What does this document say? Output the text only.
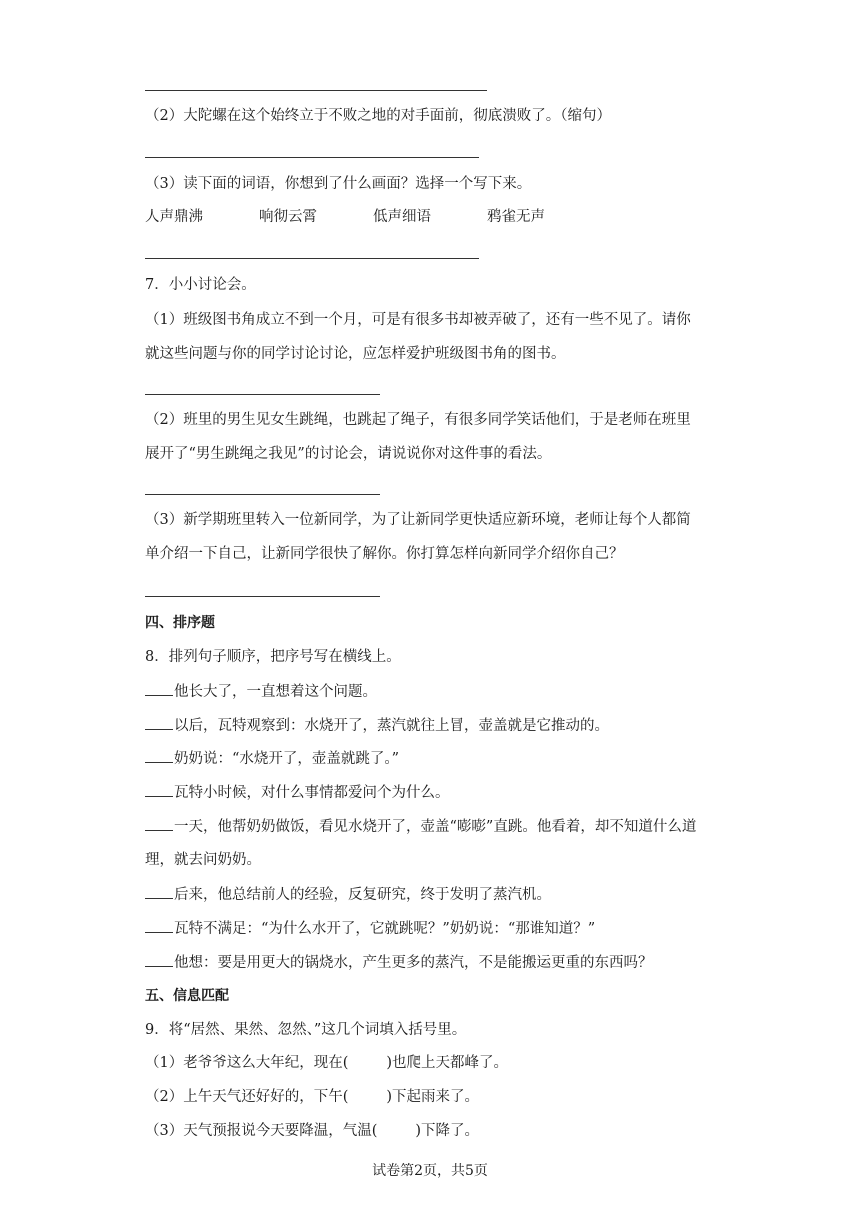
（2）大陀螺在这个始终立于不败之地的对手面前，彻底溃败了。（缩句）
（3）读下面的词语，你想到了什么画面？选择一个写下来。
人声鼎沸	响彻云霄	低声细语	鸦雀无声
7．小小讨论会。
（1）班级图书角成立不到一个月，可是有很多书却被弄破了，还有一些不见了。请你
就这些问题与你的同学讨论讨论，应怎样爱护班级图书角的图书。
（2）班里的男生见女生跳绳，也跳起了绳子，有很多同学笑话他们，于是老师在班里
展开了“男生跳绳之我见”的讨论会，请说说你对这件事的看法。
（3）新学期班里转入一位新同学，为了让新同学更快适应新环境，老师让每个人都简
单介绍一下自己，让新同学很快了解你。你打算怎样向新同学介绍你自己？
四、排序题
8．排列句子顺序，把序号写在横线上。
他长大了，一直想着这个问题。
以后，瓦特观察到：水烧开了，蒸汽就往上冒，壶盖就是它推动的。
奶奶说：“水烧开了，壶盖就跳了。”
瓦特小时候，对什么事情都爱问个为什么。
一天，他帮奶奶做饭，看见水烧开了，壶盖“嘭嘭”直跳。他看着，却不知道什么道
理，就去问奶奶。
后来，他总结前人的经验，反复研究，终于发明了蒸汽机。
瓦特不满足：“为什么水开了，它就跳呢？”奶奶说：“那谁知道？”
他想：要是用更大的锅烧水，产生更多的蒸汽，不是能搬运更重的东西吗？
五、信息匹配
9．将“居然、果然、忽然、”这几个词填入括号里。
（1）老爷爷这么大年纪，现在(	)也爬上天都峰了。
（2）上午天气还好好的，下午(	)下起雨来了。
（3）天气预报说今天要降温，气温(	)下降了。
试卷第2页，共5页
